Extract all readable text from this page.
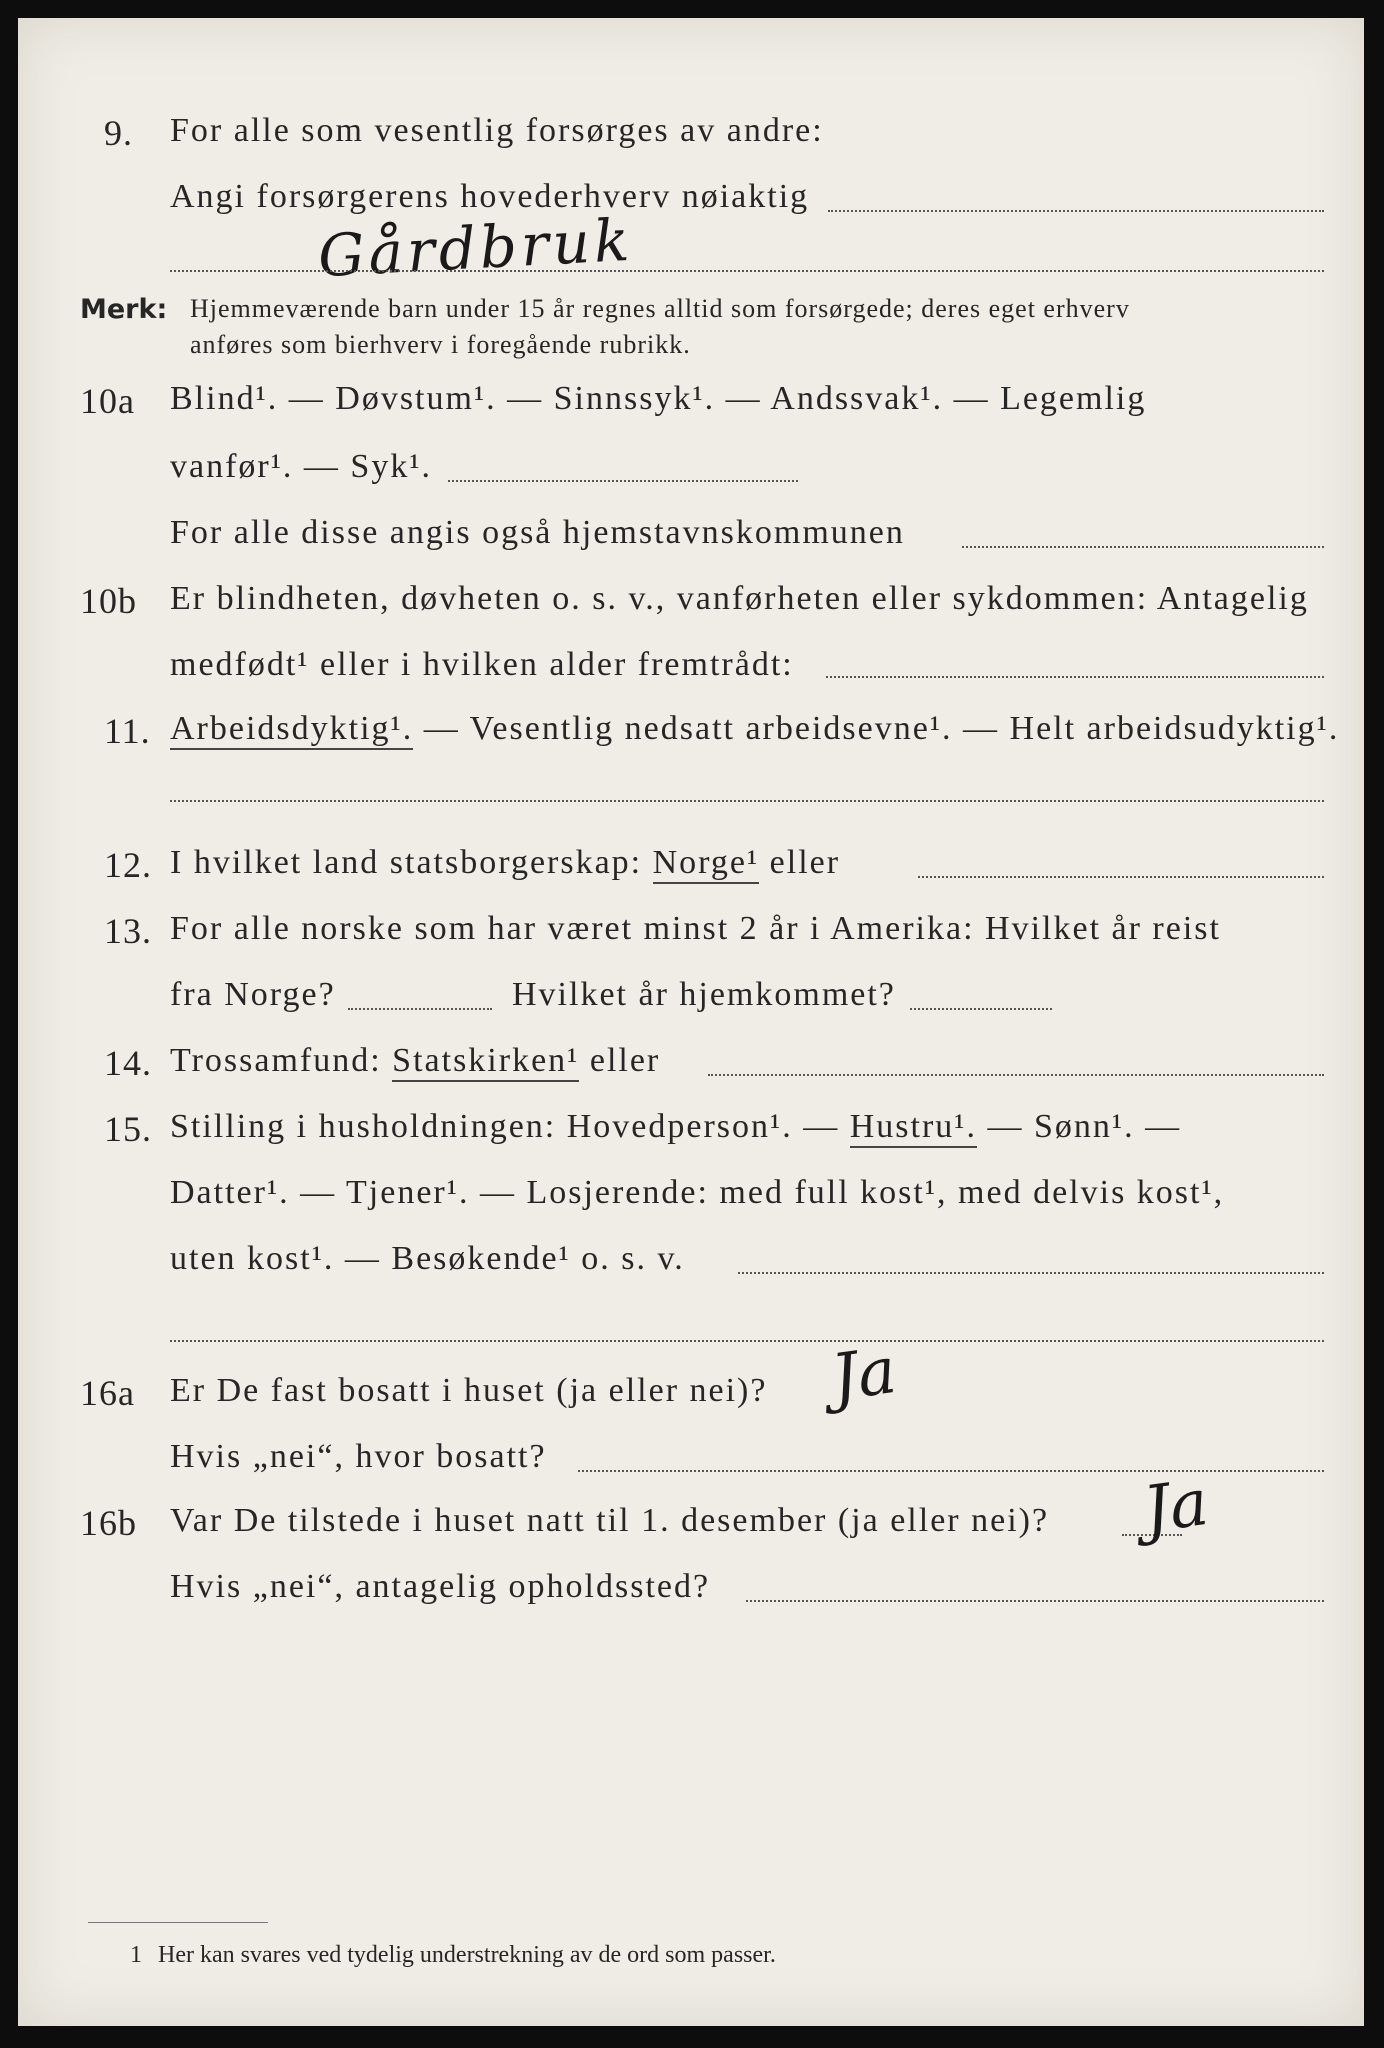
9. For alle som vesentlig forsørges av andre:
Angi forsørgerens hovederhverv nøiaktig
Gårdbruk
Merk: Hjemmeværende barn under 15 år regnes alltid som forsørgede; deres eget erhverv
anføres som bierhverv i foregående rubrikk.
10a Blind¹. — Døvstum¹. — Sinnssyk¹. — Andssvak¹. — Legemlig
vanfør¹. — Syk¹.
For alle disse angis også hjemstavnskommunen
10b Er blindheten, døvheten o. s. v., vanførheten eller sykdommen: Antagelig
medfødt¹ eller i hvilken alder fremtrådt:
11. Arbeidsdyktig¹. — Vesentlig nedsatt arbeidsevne¹. — Helt arbeidsudyktig¹.
12. I hvilket land statsborgerskap: Norge¹ eller
13. For alle norske som har været minst 2 år i Amerika: Hvilket år reist
fra Norge?	Hvilket år hjemkommet?
14. Trossamfund: Statskirken¹ eller
15. Stilling i husholdningen: Hovedperson¹. — Hustru¹. — Sønn¹. —
Datter¹. — Tjener¹. — Losjerende: med full kost¹, med delvis kost¹,
uten kost¹. — Besøkende¹ o. s. v.
16a Er De fast bosatt i huset (ja eller nei)? Ja
Hvis „nei“, hvor bosatt?
16b Var De tilstede i huset natt til 1. desember (ja eller nei)? Ja
Hvis „nei“, antagelig opholdssted?
1 Her kan svares ved tydelig understrekning av de ord som passer.
